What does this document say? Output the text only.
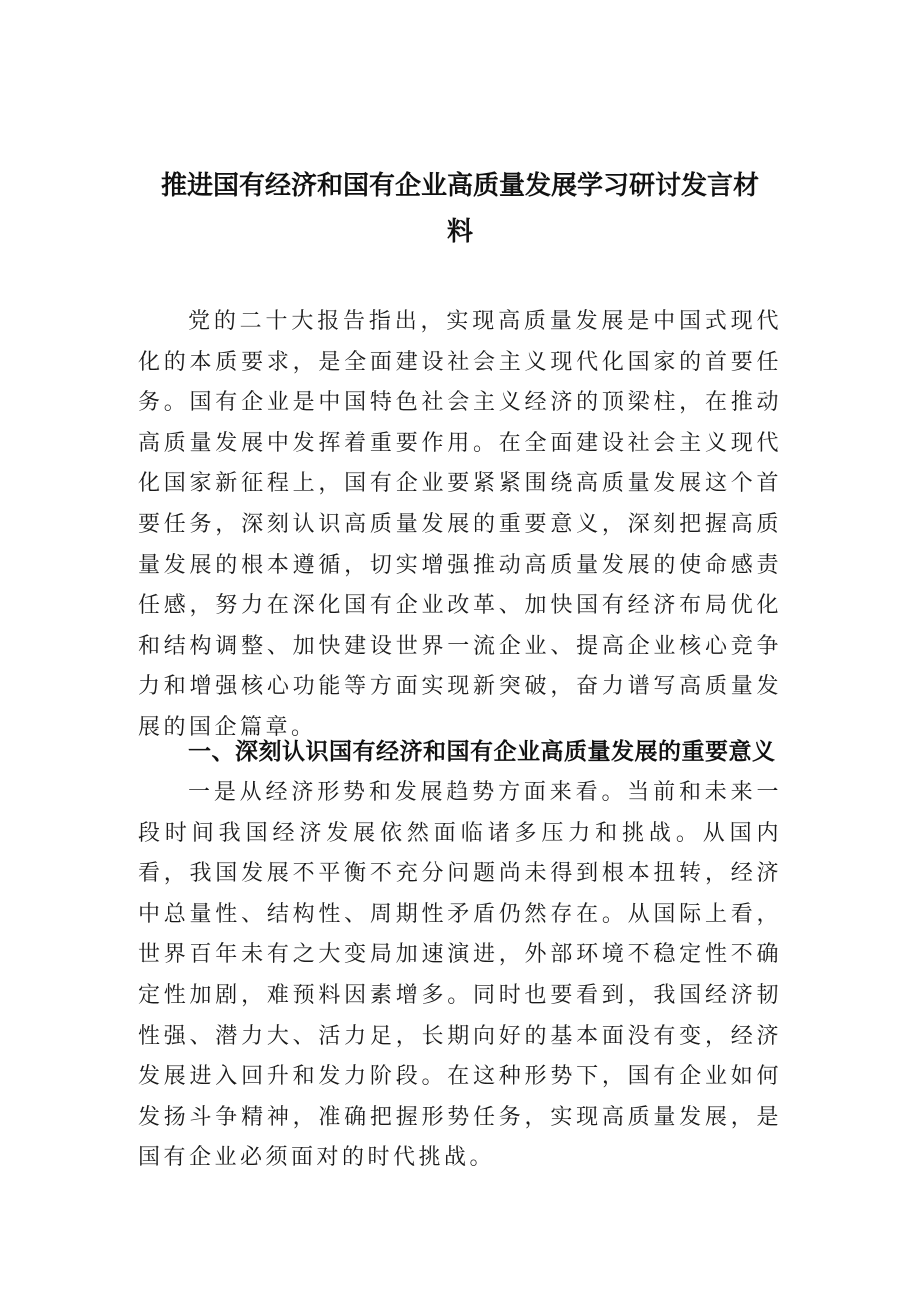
推进国有经济和国有企业高质量发展学习研讨发言材
料

党的二十大报告指出，实现高质量发展是中国式现代化的本质要求，是全面建设社会主义现代化国家的首要任务。国有企业是中国特色社会主义经济的顶梁柱，在推动高质量发展中发挥着重要作用。在全面建设社会主义现代化国家新征程上，国有企业要紧紧围绕高质量发展这个首要任务，深刻认识高质量发展的重要意义，深刻把握高质量发展的根本遵循，切实增强推动高质量发展的使命感责任感，努力在深化国有企业改革、加快国有经济布局优化和结构调整、加快建设世界一流企业、提高企业核心竞争力和增强核心功能等方面实现新突破，奋力谱写高质量发展的国企篇章。

一、深刻认识国有经济和国有企业高质量发展的重要意义

一是从经济形势和发展趋势方面来看。当前和未来一段时间我国经济发展依然面临诸多压力和挑战。从国内看，我国发展不平衡不充分问题尚未得到根本扭转，经济中总量性、结构性、周期性矛盾仍然存在。从国际上看，世界百年未有之大变局加速演进，外部环境不稳定性不确定性加剧，难预料因素增多。同时也要看到，我国经济韧性强、潜力大、活力足，长期向好的基本面没有变，经济发展进入回升和发力阶段。在这种形势下，国有企业如何发扬斗争精神，准确把握形势任务，实现高质量发展，是国有企业必须面对的时代挑战。
